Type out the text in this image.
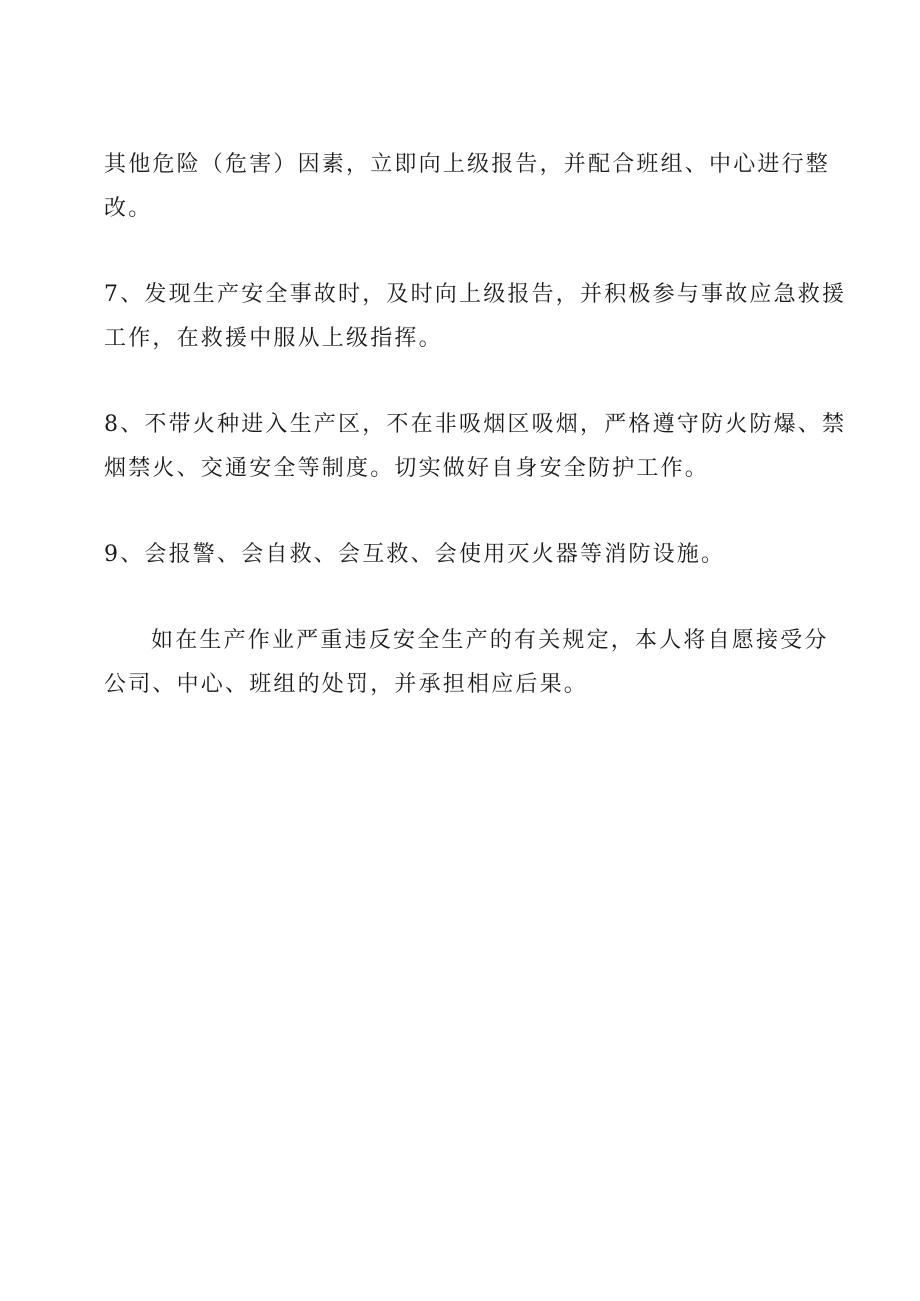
其他危险（危害）因素，立即向上级报告，并配合班组、中心进行整
改。

7、发现生产安全事故时，及时向上级报告，并积极参与事故应急救援
工作，在救援中服从上级指挥。

8、不带火种进入生产区，不在非吸烟区吸烟，严格遵守防火防爆、禁
烟禁火、交通安全等制度。切实做好自身安全防护工作。

9、会报警、会自救、会互救、会使用灭火器等消防设施。

如在生产作业严重违反安全生产的有关规定，本人将自愿接受分
公司、中心、班组的处罚，并承担相应后果。
